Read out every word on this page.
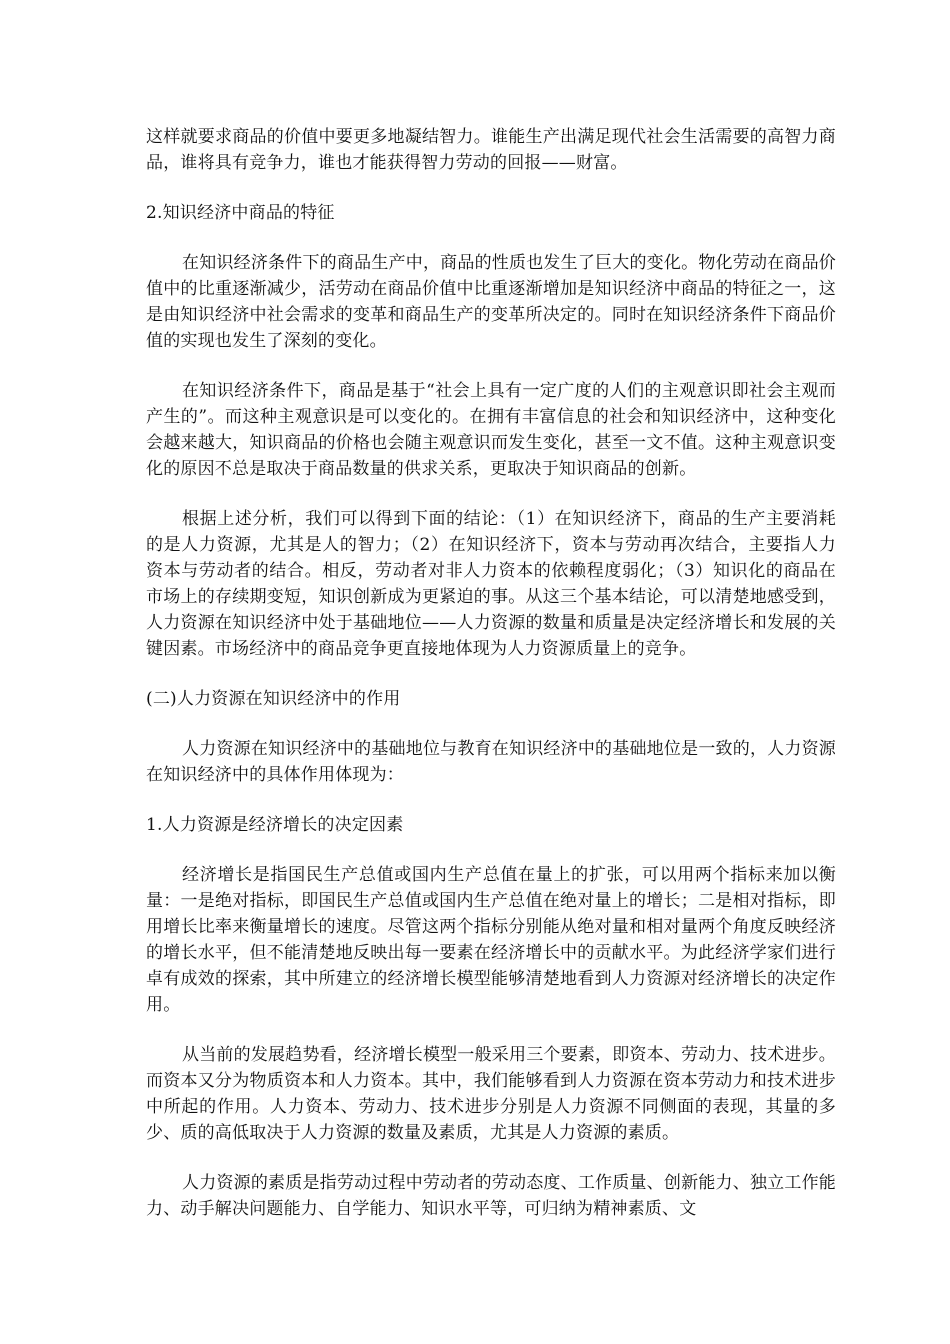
这样就要求商品的价值中要更多地凝结智力。谁能生产出满足现代社会生活需要的高智力商品，谁将具有竞争力，谁也才能获得智力劳动的回报——财富。

2.知识经济中商品的特征

在知识经济条件下的商品生产中，商品的性质也发生了巨大的变化。物化劳动在商品价值中的比重逐渐减少，活劳动在商品价值中比重逐渐增加是知识经济中商品的特征之一，这是由知识经济中社会需求的变革和商品生产的变革所决定的。同时在知识经济条件下商品价值的实现也发生了深刻的变化。

在知识经济条件下，商品是基于“社会上具有一定广度的人们的主观意识即社会主观而产生的”。而这种主观意识是可以变化的。在拥有丰富信息的社会和知识经济中，这种变化会越来越大，知识商品的价格也会随主观意识而发生变化，甚至一文不值。这种主观意识变化的原因不总是取决于商品数量的供求关系，更取决于知识商品的创新。

根据上述分析，我们可以得到下面的结论：（1）在知识经济下，商品的生产主要消耗的是人力资源，尤其是人的智力；（2）在知识经济下，资本与劳动再次结合，主要指人力资本与劳动者的结合。相反，劳动者对非人力资本的依赖程度弱化；（3）知识化的商品在市场上的存续期变短，知识创新成为更紧迫的事。从这三个基本结论，可以清楚地感受到，人力资源在知识经济中处于基础地位——人力资源的数量和质量是决定经济增长和发展的关键因素。市场经济中的商品竞争更直接地体现为人力资源质量上的竞争。

(二)人力资源在知识经济中的作用

人力资源在知识经济中的基础地位与教育在知识经济中的基础地位是一致的，人力资源在知识经济中的具体作用体现为：

1.人力资源是经济增长的决定因素

经济增长是指国民生产总值或国内生产总值在量上的扩张，可以用两个指标来加以衡量：一是绝对指标，即国民生产总值或国内生产总值在绝对量上的增长；二是相对指标，即用增长比率来衡量增长的速度。尽管这两个指标分别能从绝对量和相对量两个角度反映经济的增长水平，但不能清楚地反映出每一要素在经济增长中的贡献水平。为此经济学家们进行卓有成效的探索，其中所建立的经济增长模型能够清楚地看到人力资源对经济增长的决定作用。

从当前的发展趋势看，经济增长模型一般采用三个要素，即资本、劳动力、技术进步。而资本又分为物质资本和人力资本。其中，我们能够看到人力资源在资本劳动力和技术进步中所起的作用。人力资本、劳动力、技术进步分别是人力资源不同侧面的表现，其量的多少、质的高低取决于人力资源的数量及素质，尤其是人力资源的素质。

人力资源的素质是指劳动过程中劳动者的劳动态度、工作质量、创新能力、独立工作能力、动手解决问题能力、自学能力、知识水平等，可归纳为精神素质、文
